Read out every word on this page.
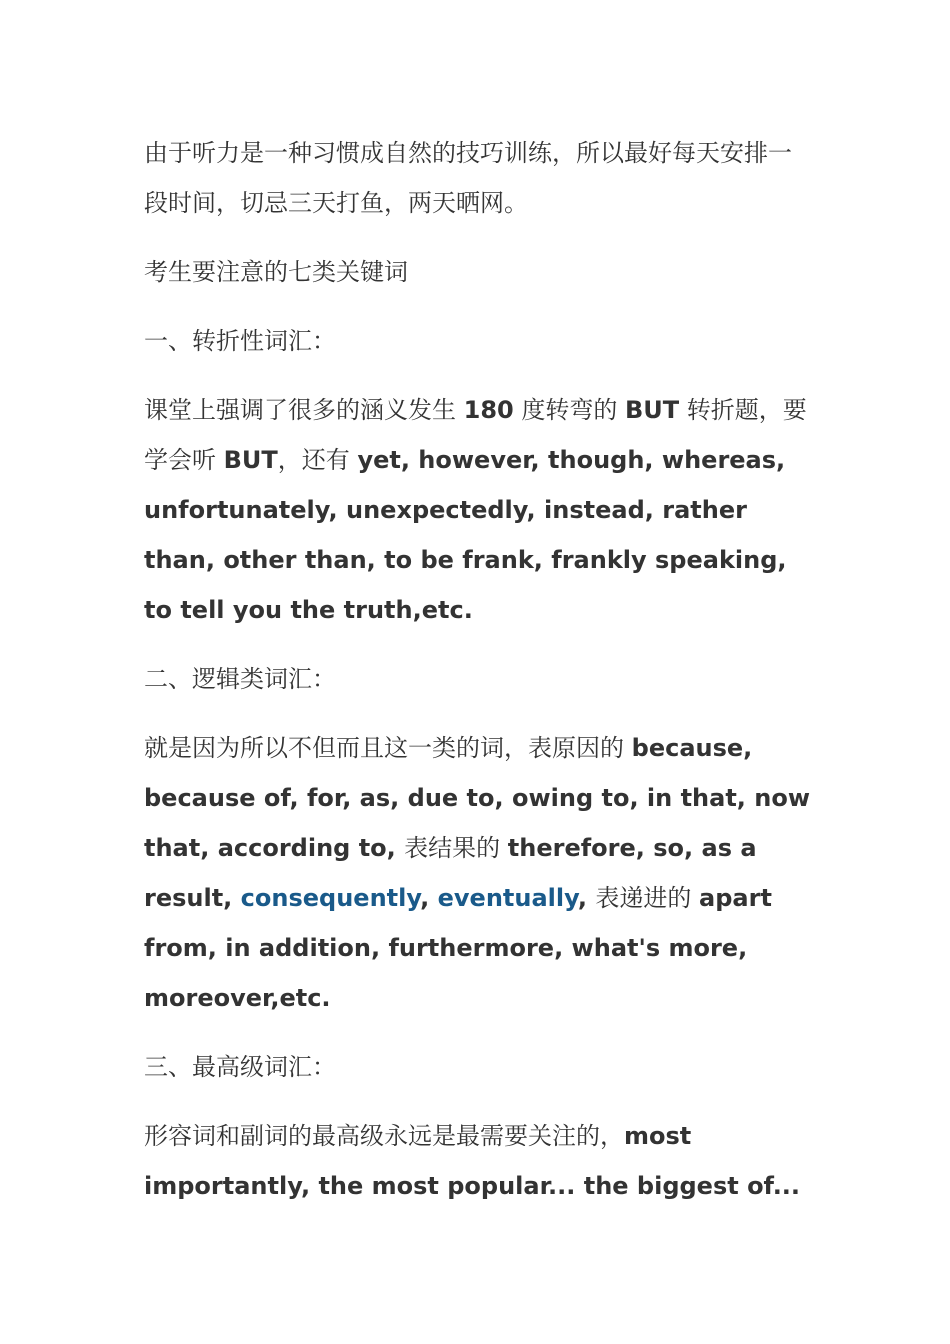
由于听力是一种习惯成自然的技巧训练，所以最好每天安排一段时间，切忌三天打鱼，两天晒网。

考生要注意的七类关键词

一、转折性词汇：

课堂上强调了很多的涵义发生 180 度转弯的 BUT 转折题，要学会听 BUT，还有 yet, however, though, whereas, unfortunately, unexpectedly, instead, rather than, other than, to be frank, frankly speaking, to tell you the truth,etc.

二、逻辑类词汇：

就是因为所以不但而且这一类的词，表原因的 because, because of, for, as, due to, owing to, in that, now that, according to, 表结果的 therefore, so, as a result, consequently, eventually, 表递进的 apart from, in addition, furthermore, what's more, moreover,etc.

三、最高级词汇：

形容词和副词的最高级永远是最需要关注的，most importantly, the most popular... the biggest of...
